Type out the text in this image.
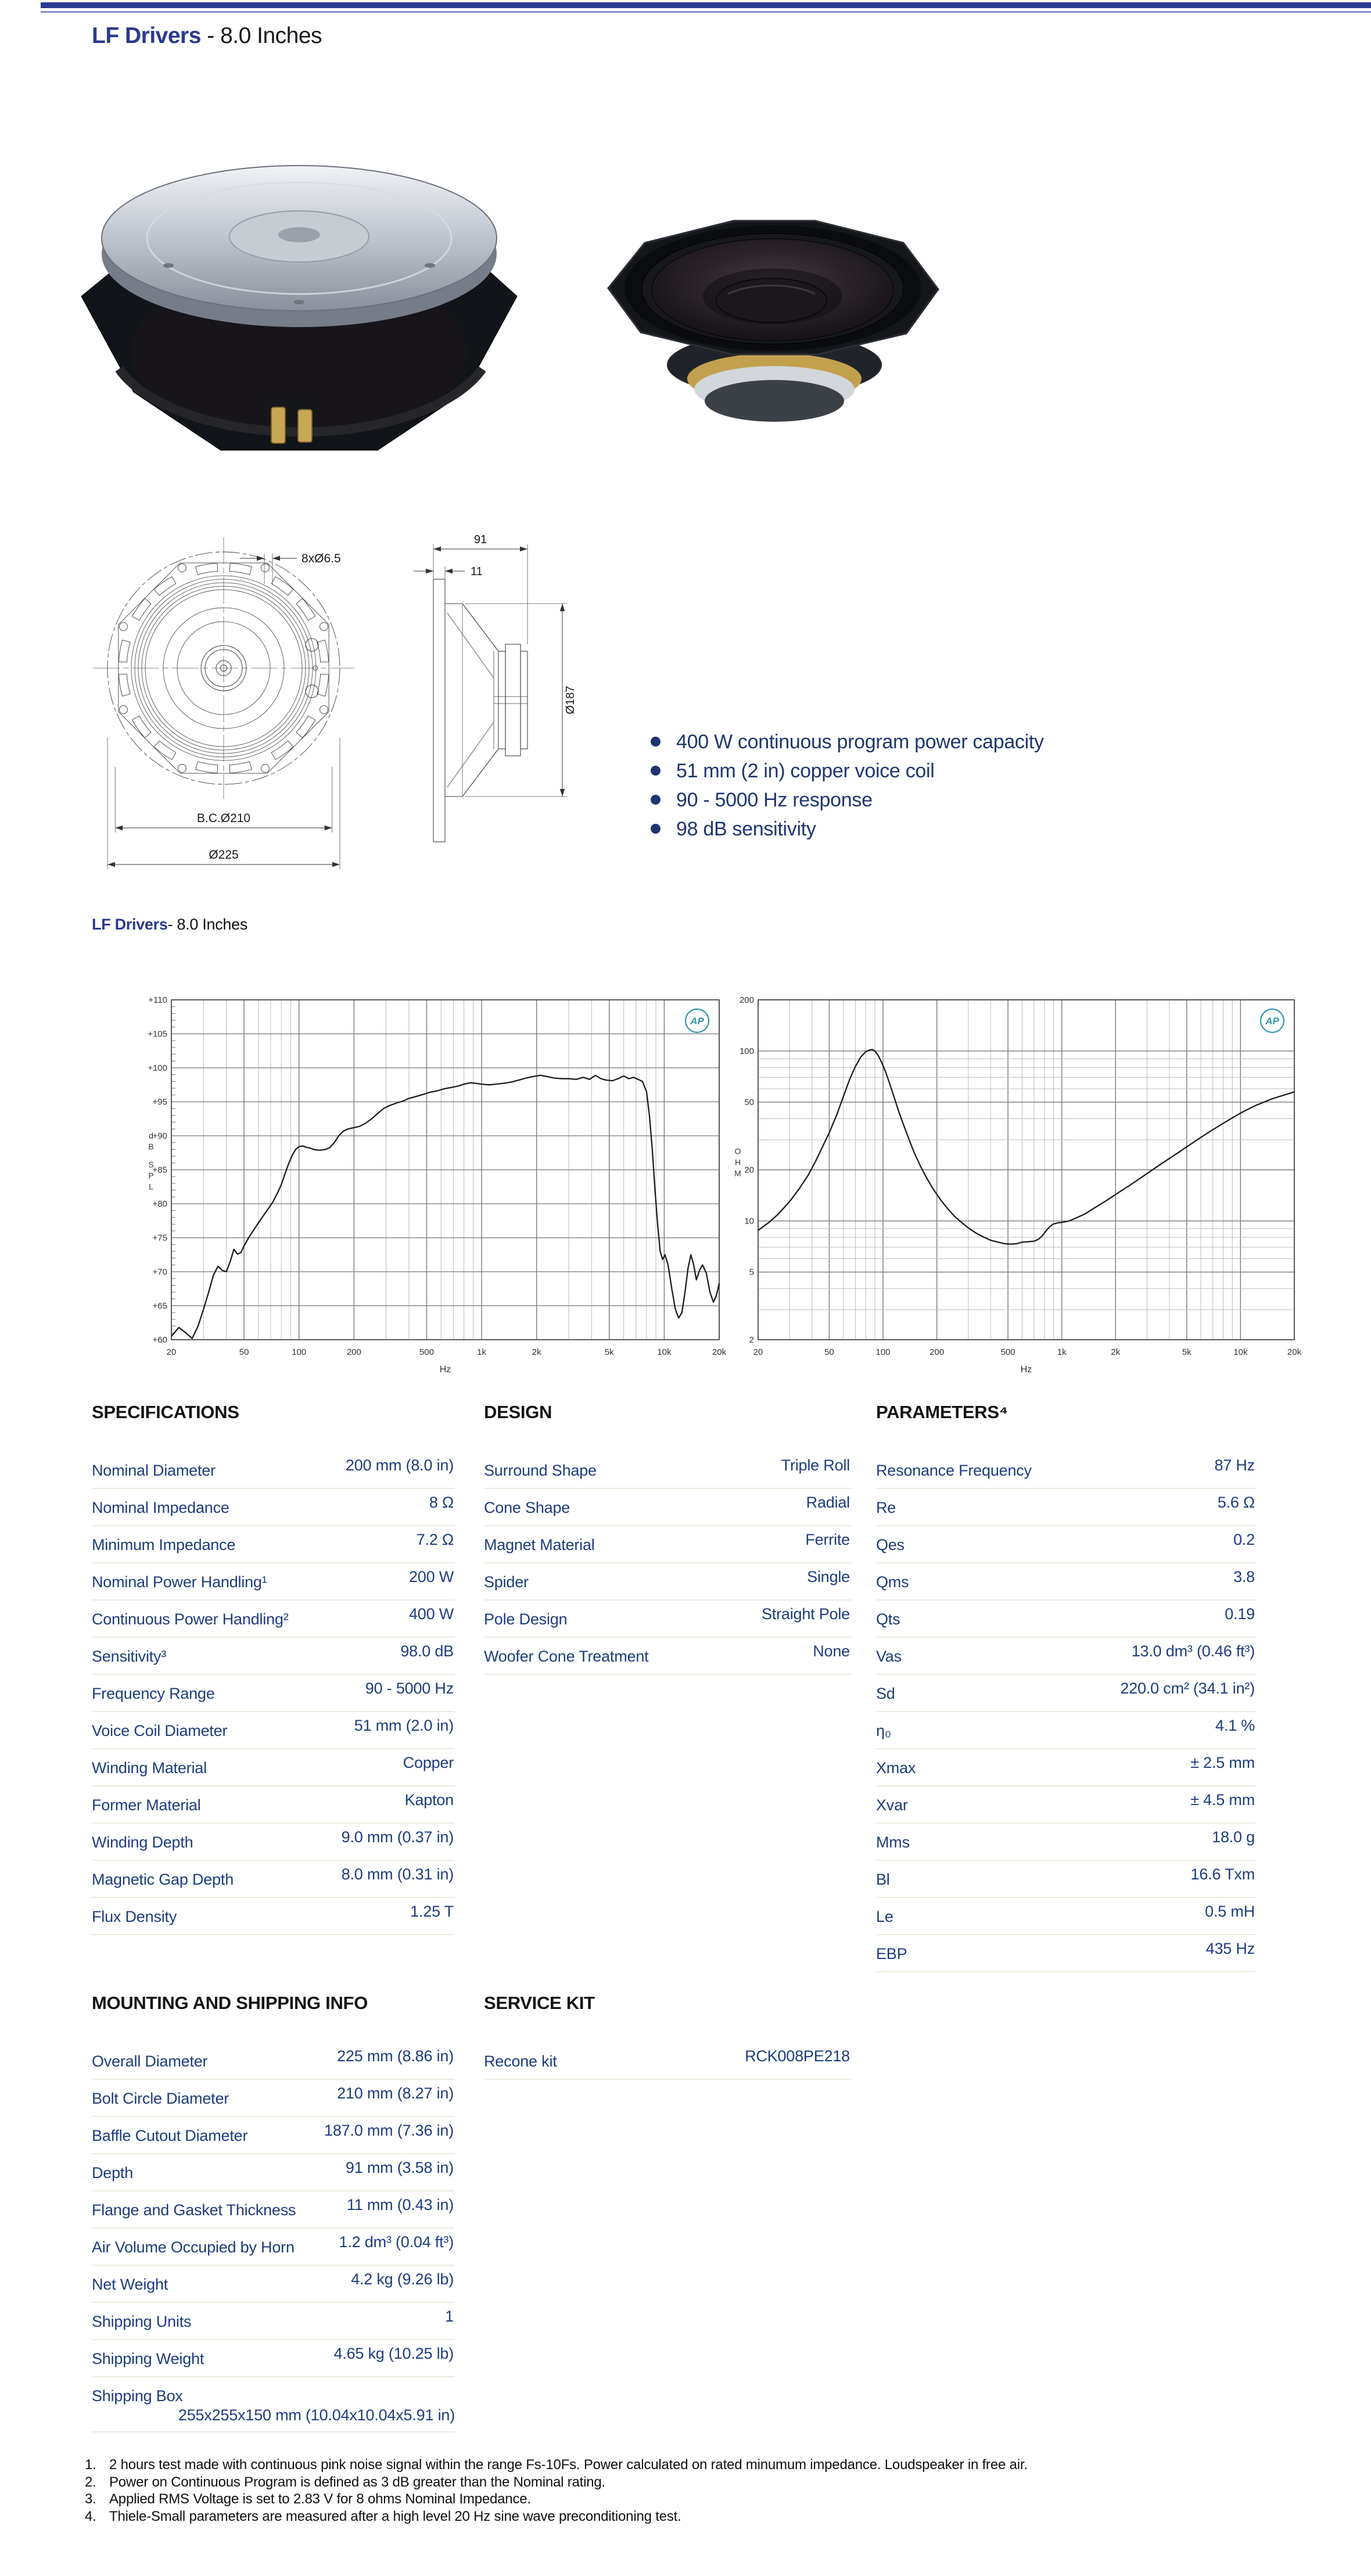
LF Drivers - 8.0 Inches
B.C.Ø210
Ø225
8xØ6.5
91
11
Ø187
400 W continuous program power capacity
51 mm (2 in) copper voice coil
90 - 5000 Hz response
98 dB sensitivity
LF Drivers- 8.0 Inches
+60
+65
+70
+75
+80
+85
+90
+95
+100
+105
+110
20	50	100	200	500	1k	2k	5k	10k	20k
Hz
d
B
S
P
L
AP
2
5
10
20
50
100
200
20	50	100	200	500	1k	2k	5k	10k	20k
Hz
O
H
M
AP
SPECIFICATIONS
Nominal Diameter	200 mm (8.0 in)
Nominal Impedance	8 Ω
Minimum Impedance	7.2 Ω
Nominal Power Handling¹	200 W
Continuous Power Handling²	400 W
Sensitivity³	98.0 dB
Frequency Range	90 - 5000 Hz
Voice Coil Diameter	51 mm (2.0 in)
Winding Material	Copper
Former Material	Kapton
Winding Depth	9.0 mm (0.37 in)
Magnetic Gap Depth	8.0 mm (0.31 in)
Flux Density	1.25 T
DESIGN
Surround Shape	Triple Roll
Cone Shape	Radial
Magnet Material	Ferrite
Spider	Single
Pole Design	Straight Pole
Woofer Cone Treatment	None
PARAMETERS⁴
Resonance Frequency	87 Hz
Re	5.6 Ω
Qes	0.2
Qms	3.8
Qts	0.19
Vas	13.0 dm³ (0.46 ft³)
Sd	220.0 cm² (34.1 in²)
η₀	4.1 %
Xmax	± 2.5 mm
Xvar	± 4.5 mm
Mms	18.0 g
Bl	16.6 Txm
Le	0.5 mH
EBP	435 Hz
MOUNTING AND SHIPPING INFO
Overall Diameter	225 mm (8.86 in)
Bolt Circle Diameter	210 mm (8.27 in)
Baffle Cutout Diameter	187.0 mm (7.36 in)
Depth	91 mm (3.58 in)
Flange and Gasket Thickness	11 mm (0.43 in)
Air Volume Occupied by Horn	1.2 dm³ (0.04 ft³)
Net Weight	4.2 kg (9.26 lb)
Shipping Units	1
Shipping Weight	4.65 kg (10.25 lb)
Shipping Box
255x255x150 mm (10.04x10.04x5.91 in)
SERVICE KIT
Recone kit	RCK008PE218
1. 2 hours test made with continuous pink noise signal within the range Fs-10Fs. Power calculated on rated minumum impedance. Loudspeaker in free air.
2. Power on Continuous Program is defined as 3 dB greater than the Nominal rating.
3. Applied RMS Voltage is set to 2.83 V for 8 ohms Nominal Impedance.
4. Thiele-Small parameters are measured after a high level 20 Hz sine wave preconditioning test.
